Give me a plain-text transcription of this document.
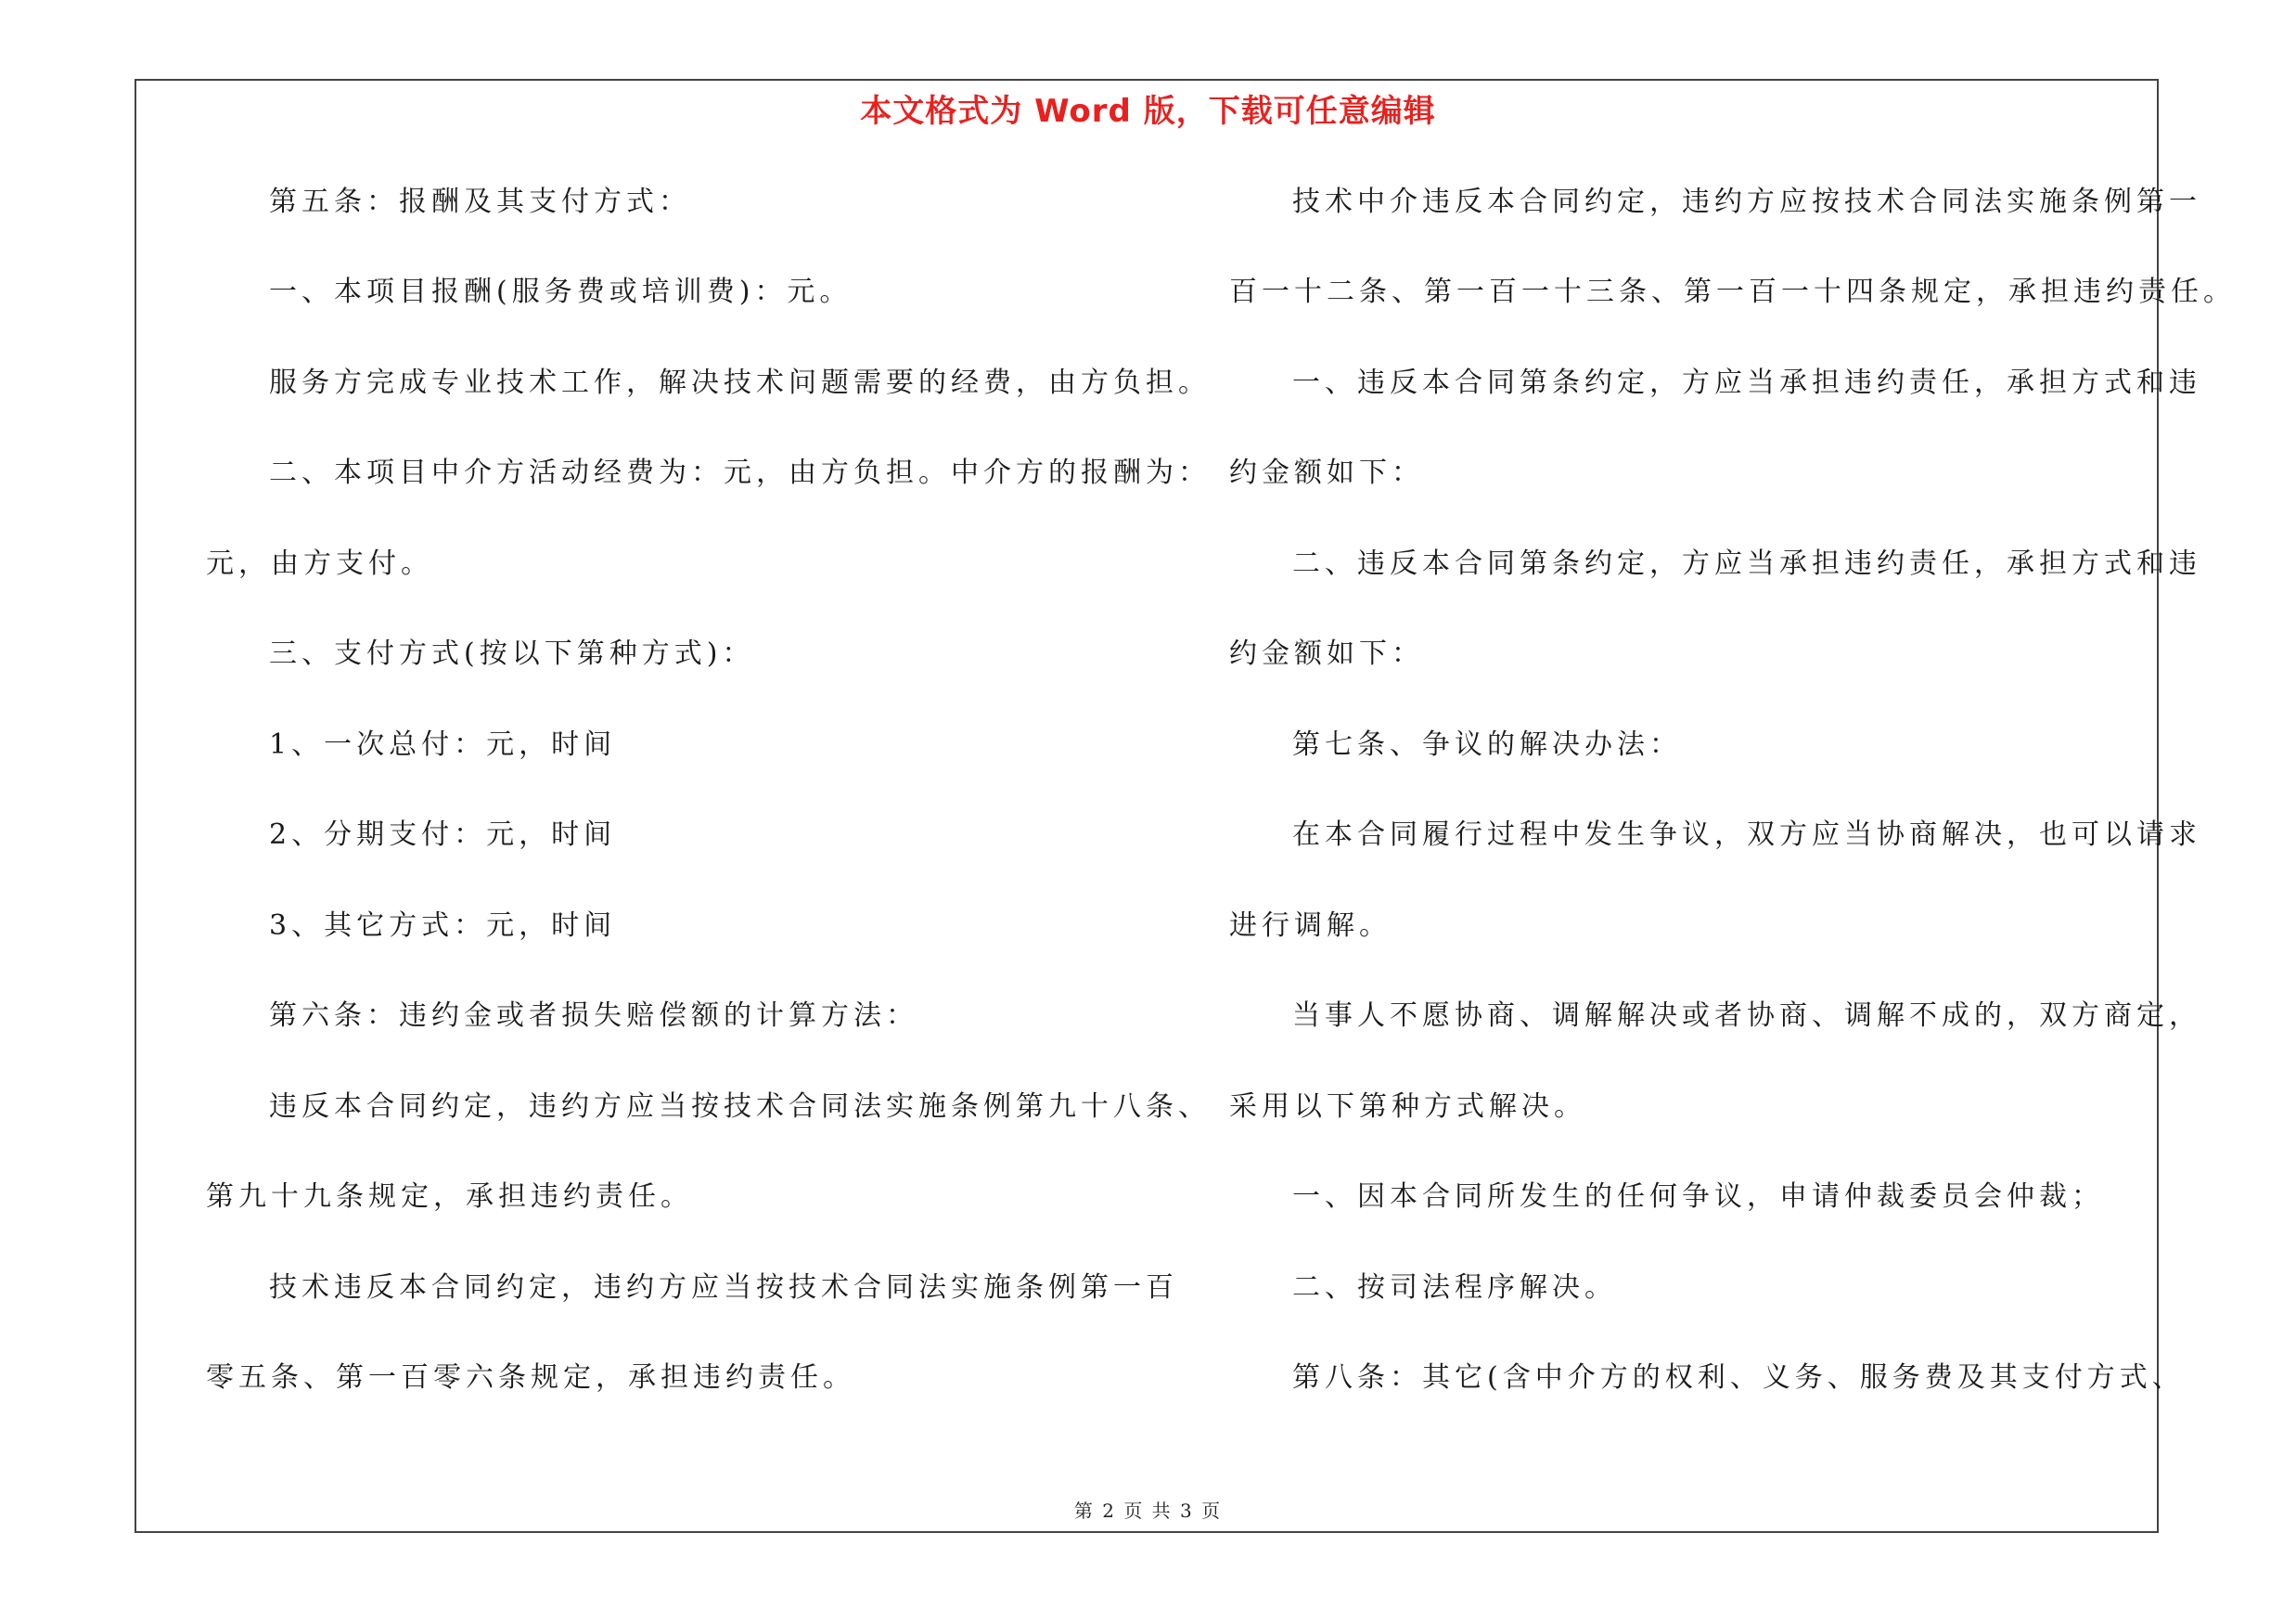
本文格式为 Word 版，下载可任意编辑
第五条：报酬及其支付方式：
一、本项目报酬(服务费或培训费)：元。
服务方完成专业技术工作，解决技术问题需要的经费，由方负担。
二、本项目中介方活动经费为：元，由方负担。中介方的报酬为：
元，由方支付。
三、支付方式(按以下第种方式)：
1、一次总付：元，时间
2、分期支付：元，时间
3、其它方式：元，时间
第六条：违约金或者损失赔偿额的计算方法：
违反本合同约定，违约方应当按技术合同法实施条例第九十八条、
第九十九条规定，承担违约责任。
技术违反本合同约定，违约方应当按技术合同法实施条例第一百
零五条、第一百零六条规定，承担违约责任。
技术中介违反本合同约定，违约方应按技术合同法实施条例第一
百一十二条、第一百一十三条、第一百一十四条规定，承担违约责任。
一、违反本合同第条约定，方应当承担违约责任，承担方式和违
约金额如下：
二、违反本合同第条约定，方应当承担违约责任，承担方式和违
约金额如下：
第七条、争议的解决办法：
在本合同履行过程中发生争议，双方应当协商解决，也可以请求
进行调解。
当事人不愿协商、调解解决或者协商、调解不成的，双方商定，
采用以下第种方式解决。
一、因本合同所发生的任何争议，申请仲裁委员会仲裁；
二、按司法程序解决。
第八条：其它(含中介方的权利、义务、服务费及其支付方式、
第 2 页 共 3 页
